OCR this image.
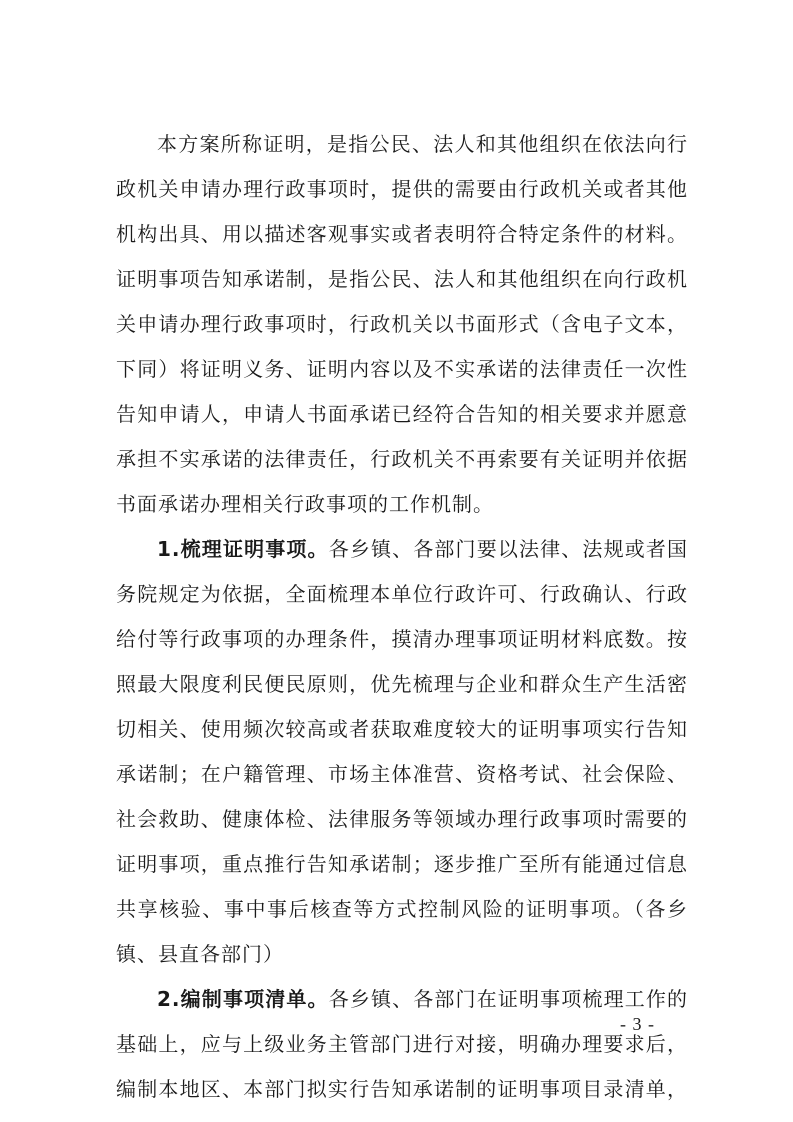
本方案所称证明，是指公民、法人和其他组织在依法向行
政机关申请办理行政事项时，提供的需要由行政机关或者其他
机构出具、用以描述客观事实或者表明符合特定条件的材料。
证明事项告知承诺制，是指公民、法人和其他组织在向行政机
关申请办理行政事项时，行政机关以书面形式（含电子文本，
下同）将证明义务、证明内容以及不实承诺的法律责任一次性
告知申请人，申请人书面承诺已经符合告知的相关要求并愿意
承担不实承诺的法律责任，行政机关不再索要有关证明并依据
书面承诺办理相关行政事项的工作机制。
1.梳理证明事项。各乡镇、各部门要以法律、法规或者国
务院规定为依据，全面梳理本单位行政许可、行政确认、行政
给付等行政事项的办理条件，摸清办理事项证明材料底数。按
照最大限度利民便民原则，优先梳理与企业和群众生产生活密
切相关、使用频次较高或者获取难度较大的证明事项实行告知
承诺制；在户籍管理、市场主体准营、资格考试、社会保险、
社会救助、健康体检、法律服务等领域办理行政事项时需要的
证明事项，重点推行告知承诺制；逐步推广至所有能通过信息
共享核验、事中事后核查等方式控制风险的证明事项。（各乡
镇、县直各部门）
2.编制事项清单。各乡镇、各部门在证明事项梳理工作的
基础上，应与上级业务主管部门进行对接，明确办理要求后，
编制本地区、本部门拟实行告知承诺制的证明事项目录清单，
- 3 -
